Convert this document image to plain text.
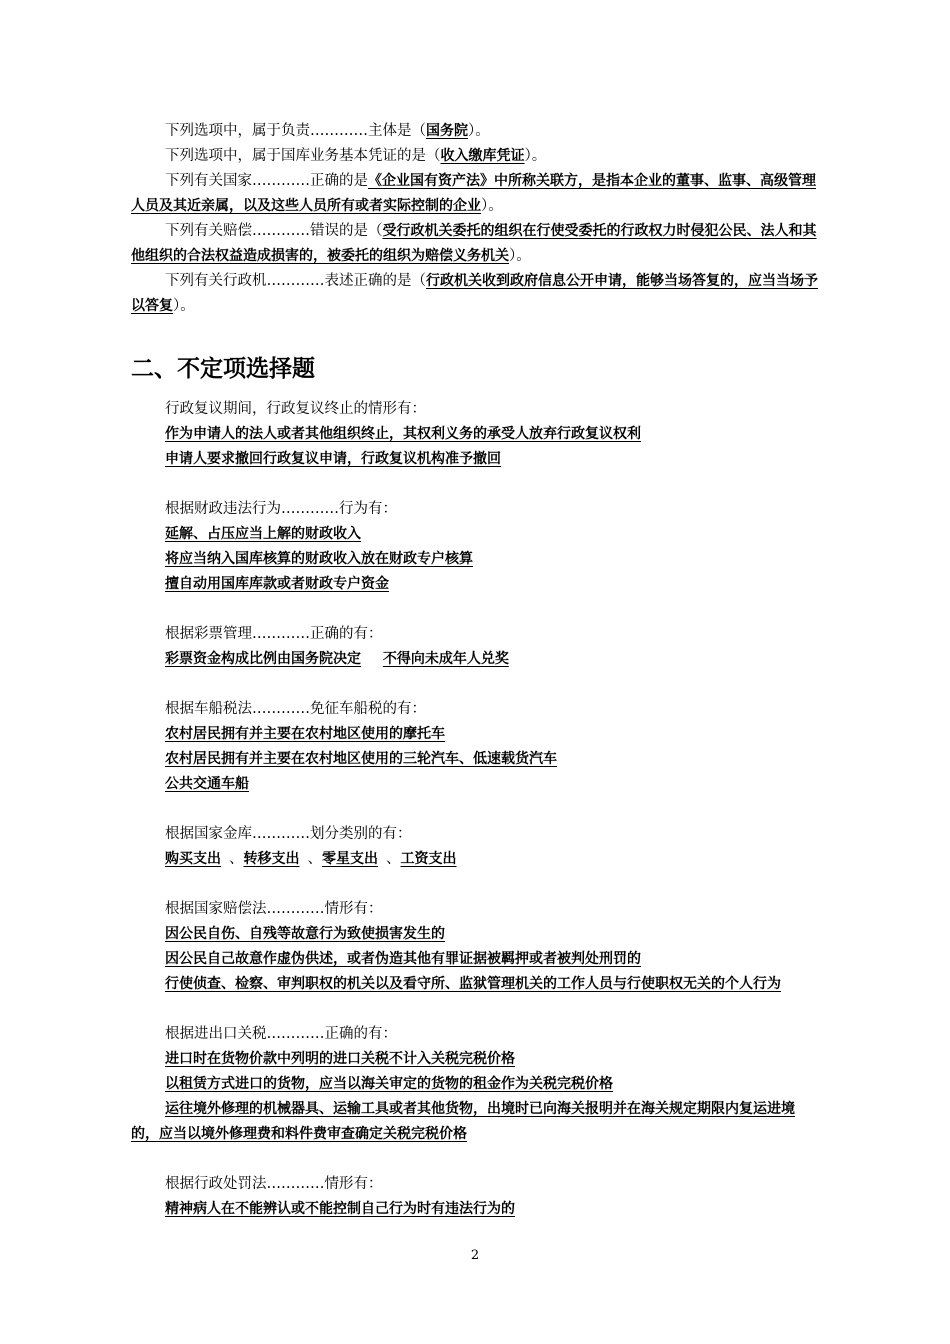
下列选项中，属于负责…………主体是（国务院）。

下列选项中，属于国库业务基本凭证的是（收入缴库凭证）。

下列有关国家…………正确的是《企业国有资产法》中所称关联方，是指本企业的董事、监事、高级管理人员及其近亲属，以及这些人员所有或者实际控制的企业）。

下列有关赔偿…………错误的是（受行政机关委托的组织在行使受委托的行政权力时侵犯公民、法人和其他组织的合法权益造成损害的，被委托的组织为赔偿义务机关）。

下列有关行政机…………表述正确的是（行政机关收到政府信息公开申请，能够当场答复的，应当当场予以答复）。

二、不定项选择题

行政复议期间，行政复议终止的情形有：

作为申请人的法人或者其他组织终止，其权利义务的承受人放弃行政复议权利

申请人要求撤回行政复议申请，行政复议机构准予撤回

根据财政违法行为…………行为有：

延解、占压应当上解的财政收入

将应当纳入国库核算的财政收入放在财政专户核算

擅自动用国库库款或者财政专户资金

根据彩票管理…………正确的有：

彩票资金构成比例由国务院决定 不得向未成年人兑奖

根据车船税法…………免征车船税的有：

农村居民拥有并主要在农村地区使用的摩托车

农村居民拥有并主要在农村地区使用的三轮汽车、低速载货汽车

公共交通车船

根据国家金库…………划分类别的有：

购买支出 、转移支出 、零星支出 、工资支出

根据国家赔偿法…………情形有：

因公民自伤、自残等故意行为致使损害发生的

因公民自己故意作虚伪供述，或者伪造其他有罪证据被羁押或者被判处刑罚的

行使侦查、检察、审判职权的机关以及看守所、监狱管理机关的工作人员与行使职权无关的个人行为

根据进出口关税…………正确的有：

进口时在货物价款中列明的进口关税不计入关税完税价格

以租赁方式进口的货物，应当以海关审定的货物的租金作为关税完税价格

运往境外修理的机械器具、运输工具或者其他货物，出境时已向海关报明并在海关规定期限内复运进境的，应当以境外修理费和料件费审查确定关税完税价格

根据行政处罚法…………情形有：

精神病人在不能辨认或不能控制自己行为时有违法行为的

2
